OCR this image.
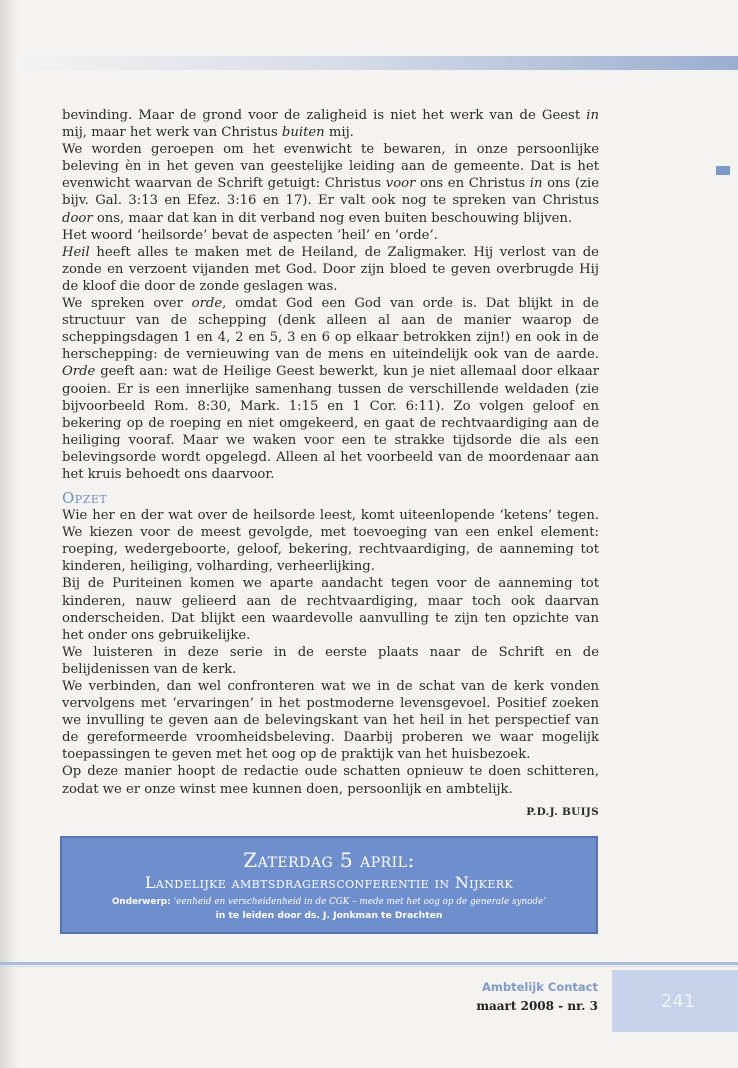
bevinding. Maar de grond voor de zaligheid is niet het werk van de Geest in mij, maar het werk van Christus buiten mij.

We worden geroepen om het evenwicht te bewaren, in onze persoonlijke beleving èn in het geven van geestelijke leiding aan de gemeente. Dat is het evenwicht waarvan de Schrift getuigt: Christus voor ons en Christus in ons (zie bijv. Gal. 3:13 en Efez. 3:16 en 17). Er valt ook nog te spreken van Christus door ons, maar dat kan in dit verband nog even buiten beschouwing blijven.

Het woord ‘heilsorde’ bevat de aspecten ‘heil’ en ‘orde’.

Heil heeft alles te maken met de Heiland, de Zaligmaker. Hij verlost van de zonde en verzoent vijanden met God. Door zijn bloed te geven overbrugde Hij de kloof die door de zonde geslagen was.

We spreken over orde, omdat God een God van orde is. Dat blijkt in de structuur van de schepping (denk alleen al aan de manier waarop de scheppingsdagen 1 en 4, 2 en 5, 3 en 6 op elkaar betrokken zijn!) en ook in de herschepping: de vernieuwing van de mens en uiteindelijk ook van de aarde. Orde geeft aan: wat de Heilige Geest bewerkt, kun je niet allemaal door elkaar gooien. Er is een innerlijke samenhang tussen de verschillende weldaden (zie bijvoorbeeld Rom. 8:30, Mark. 1:15 en 1 Cor. 6:11). Zo volgen geloof en bekering op de roeping en niet omgekeerd, en gaat de rechtvaardiging aan de heiliging vooraf. Maar we waken voor een te strakke tijdsorde die als een belevingsorde wordt opgelegd. Alleen al het voorbeeld van de moordenaar aan het kruis behoedt ons daarvoor.

Opzet

Wie her en der wat over de heilsorde leest, komt uiteenlopende ‘ketens’ tegen. We kiezen voor de meest gevolgde, met toevoeging van een enkel element: roeping, wedergeboorte, geloof, bekering, rechtvaardiging, de aanneming tot kinderen, heiliging, volharding, verheerlijking.

Bij de Puriteinen komen we aparte aandacht tegen voor de aanneming tot kinderen, nauw gelieerd aan de rechtvaardiging, maar toch ook daarvan onderscheiden. Dat blijkt een waardevolle aanvulling te zijn ten opzichte van het onder ons gebruikelijke.

We luisteren in deze serie in de eerste plaats naar de Schrift en de belijdenissen van de kerk.

We verbinden, dan wel confronteren wat we in de schat van de kerk vonden vervolgens met ‘ervaringen’ in het postmoderne levensgevoel. Positief zoeken we invulling te geven aan de belevingskant van het heil in het perspectief van de gereformeerde vroomheidsbeleving. Daarbij proberen we waar mogelijk toepassingen te geven met het oog op de praktijk van het huisbezoek.

Op deze manier hoopt de redactie oude schatten opnieuw te doen schitteren, zodat we er onze winst mee kunnen doen, persoonlijk en ambtelijk.

P.D.J. BUIJS
Zaterdag 5 april:
Landelijke ambtsdragersconferentie in Nijkerk
Onderwerp: ‘eenheid en verscheidenheid in de CGK – mede met het oog op de generale synode’
in te leiden door ds. J. Jonkman te Drachten
241
Ambtelijk Contact
maart 2008 - nr. 3
